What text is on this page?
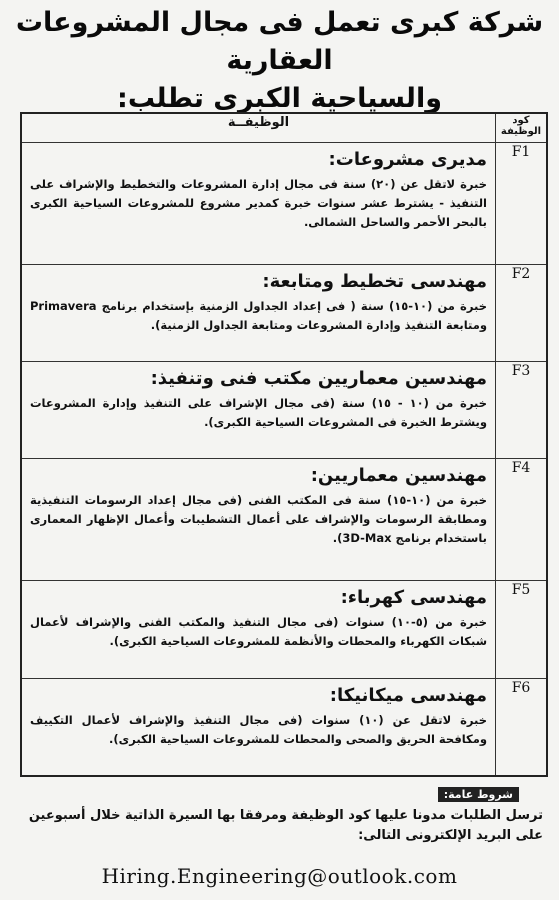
شركة كبرى تعمل فى مجال المشروعات العقارية
والسياحية الكبرى تطلب:
كود الوظيفة	الوظيفــة
F1	مديرى مشروعات:
خبرة لاتقل عن (٢٠) سنة فى مجال إدارة المشروعات والتخطيط والإشراف على التنفيذ - يشترط عشر سنوات خبرة كمدير مشروع للمشروعات السياحية الكبرى بالبحر الأحمر والساحل الشمالى.

F2	مهندسى تخطيط ومتابعة:
خبرة من (١٠-١٥) سنة ( فى إعداد الجداول الزمنية بإستخدام برنامج Primavera ومتابعة التنفيذ وإدارة المشروعات ومتابعة الجداول الزمنية).

F3	مهندسين معماريين مكتب فنى وتنفيذ:
خبرة من (١٠ - ١٥) سنة (فى مجال الإشراف على التنفيذ وإدارة المشروعات ويشترط الخبرة فى المشروعات السياحية الكبرى).

F4	مهندسين معماريين:
خبرة من (١٠-١٥) سنة فى المكتب الفنى (فى مجال إعداد الرسومات التنفيذية ومطابقة الرسومات والإشراف على أعمال التشطيبات وأعمال الإظهار المعمارى باستخدام برنامج 3D-Max).

F5	مهندسى كهرباء:
خبرة من (٥-١٠) سنوات (فى مجال التنفيذ والمكتب الفنى والإشراف لأعمال شبكات الكهرباء والمحطات والأنظمة للمشروعات السياحية الكبرى).

F6	مهندسى ميكانيكا:
خبرة لاتقل عن (١٠) سنوات (فى مجال التنفيذ والإشراف لأعمال التكييف ومكافحة الحريق والصحى والمحطات للمشروعات السياحية الكبرى).
شروط عامة:
ترسل الطلبات مدونا عليها كود الوظيفة ومرفقا بها السيرة الذاتية خلال أسبوعين على البريد الإلكترونى التالى:
Hiring.Engineering@outlook.com
